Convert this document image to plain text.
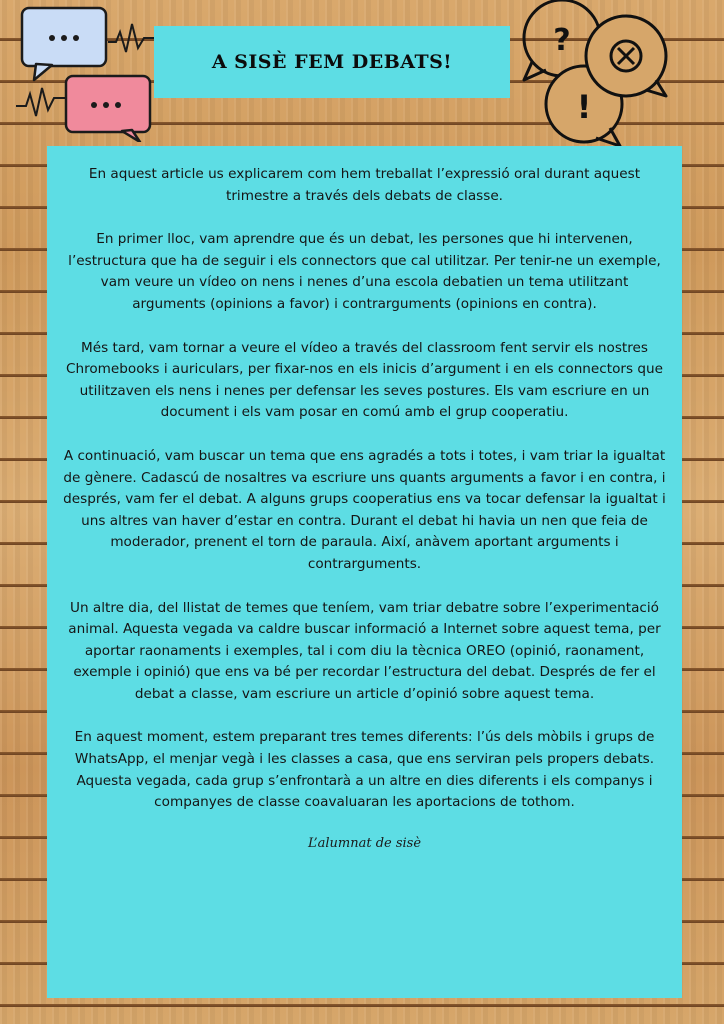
?
!
A SISÈ FEM DEBATS!

En aquest article us explicarem com hem treballat l’expressió oral durant aquest trimestre a través dels debats de classe.

En primer lloc, vam aprendre que és un debat, les persones que hi intervenen, l’estructura que ha de seguir i els connectors que cal utilitzar. Per tenir-ne un exemple, vam veure un vídeo on nens i nenes d’una escola debatien un tema utilitzant arguments (opinions a favor) i contrarguments (opinions en contra).

Més tard, vam tornar a veure el vídeo a través del classroom fent servir els nostres Chromebooks i auriculars, per fixar-nos en els inicis d’argument i en els connectors que utilitzaven els nens i nenes per defensar les seves postures. Els vam escriure en un document i els vam posar en comú amb el grup cooperatiu.

A continuació, vam buscar un tema que ens agradés a tots i totes, i vam triar la igualtat de gènere. Cadascú de nosaltres va escriure uns quants arguments a favor i en contra, i després, vam fer el debat. A alguns grups cooperatius ens va tocar defensar la igualtat i uns altres van haver d’estar en contra. Durant el debat hi havia un nen que feia de moderador, prenent el torn de paraula. Així, anàvem aportant arguments i contrarguments.

Un altre dia, del llistat de temes que teníem, vam triar debatre sobre l’experimentació animal. Aquesta vegada va caldre buscar informació a Internet sobre aquest tema, per aportar raonaments i exemples, tal i com diu la tècnica OREO (opinió, raonament, exemple i opinió) que ens va bé per recordar l’estructura del debat. Després de fer el debat a classe, vam escriure un article d’opinió sobre aquest tema.

En aquest moment, estem preparant tres temes diferents: l’ús dels mòbils i grups de WhatsApp, el menjar vegà i les classes a casa, que ens serviran pels propers debats. Aquesta vegada, cada grup s’enfrontarà a un altre en dies diferents i els companys i companyes de classe coavaluaran les aportacions de tothom.

L’alumnat de sisè
